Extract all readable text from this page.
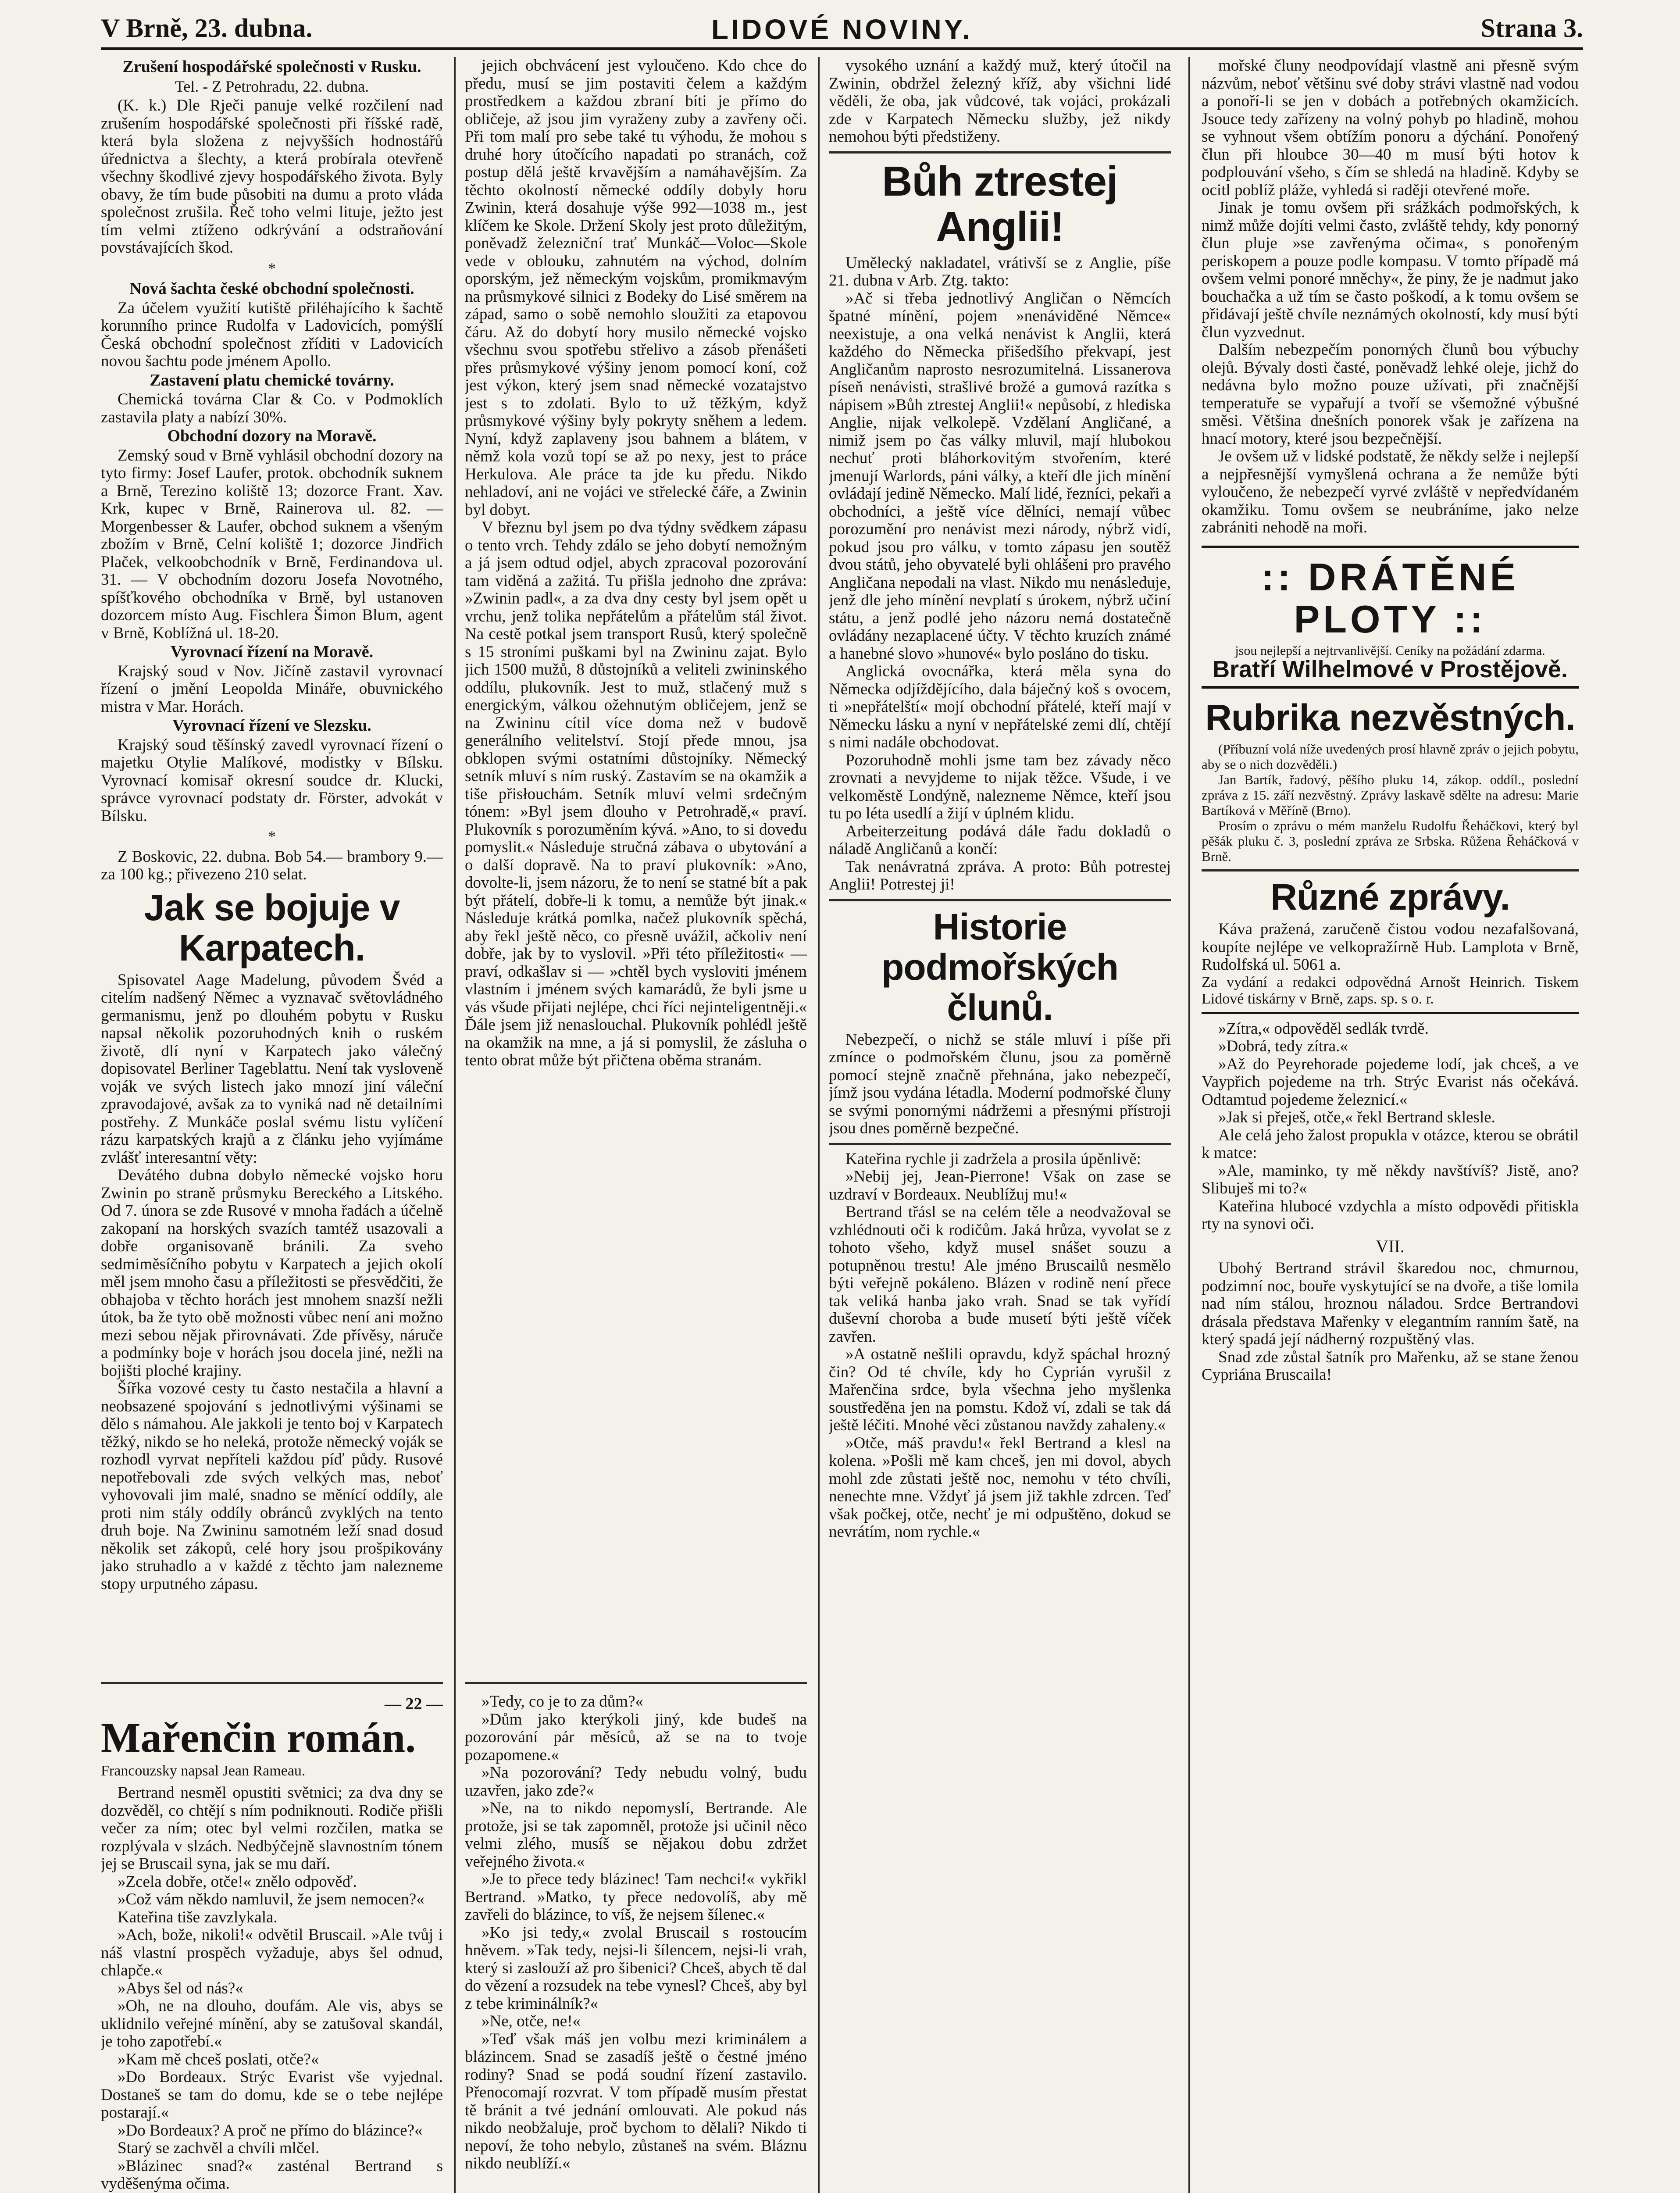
V Brně, 23. dubna.	LIDOVÉ NOVINY.	Strana 3.
Zrušení hospodářské společnosti v Rusku.
Tel. - Z Petrohradu, 22. dubna.

(K. k.) Dle Rječi panuje velké rozčilení nad zrušením hospodářské společnosti při říšské radě, která byla složena z nejvyšších hodnostářů úřednictva a šlechty, a která probírala otevřeně všechny škodlivé zjevy hospodářského života. Byly obavy, že tím bude působiti na dumu a proto vláda společnost zrušila. Řeč toho velmi lituje, ježto jest tím velmi ztíženo odkrývání a odstraňování povstávajících škod.

*
Nová šachta české obchodní společnosti.

Za účelem využití kutiště přiléhajícího k šachtě korunního prince Rudolfa v Ladovicích, pomýšlí Česká obchodní společnost zříditi v Ladovicích novou šachtu pode jménem Apollo.

Zastavení platu chemické továrny.

Chemická továrna Clar & Co. v Podmoklích zastavila platy a nabízí 30%.

Obchodní dozory na Moravě.

Zemský soud v Brně vyhlásil obchodní dozory na tyto firmy: Josef Laufer, protok. obchodník suknem a Brně, Terezino koliště 13; dozorce Frant. Xav. Krk, kupec v Brně, Rainerova ul. 82. — Morgenbesser & Laufer, obchod suknem a všeným zbožím v Brně, Celní koliště 1; dozorce Jindřich Plaček, velkoobchodník v Brně, Ferdinandova ul. 31. — V obchodním dozoru Josefa Novotného, spíšťkového obchodníka v Brně, byl ustanoven dozorcem místo Aug. Fischlera Šimon Blum, agent v Brně, Koblížná ul. 18-20.

Vyrovnací řízení na Moravě.

Krajský soud v Nov. Jičíně zastavil vyrovnací řízení o jmění Leopolda Mináře, obuvnického mistra v Mar. Horách.

Vyrovnací řízení ve Slezsku.

Krajský soud těšínský zavedl vyrovnací řízení o majetku Otylie Malíkové, modistky v Bílsku. Vyrovnací komisař okresní soudce dr. Klucki, správce vyrovnací podstaty dr. Förster, advokát v Bílsku.

*

Z Boskovic, 22. dubna. Bob 54.— brambory 9.— za 100 kg.; přivezeno 210 selat.

Jak se bojuje v Karpatech.

Spisovatel Aage Madelung, původem Švéd a citelím nadšený Němec a vyznavač světovládného germanismu, jenž po dlouhém pobytu v Rusku napsal několik pozoruhodných knih o ruském životě, dlí nyní v Karpatech jako válečný dopisovatel Berliner Tageblattu. Není tak vysloveně voják ve svých listech jako mnozí jiní váleční zpravodajové, avšak za to vyniká nad ně detailními postřehy. Z Munkáče poslal svému listu vylíčení rázu karpatských krajů a z článku jeho vyjímáme zvlášť interesantní věty:

Devátého dubna dobylo německé vojsko horu Zwinin po straně průsmyku Bereckého a Litského. Od 7. února se zde Rusové v mnoha řadách a účelně zakopaní na horských svazích tamtéž usazovali a dobře organisovaně bránili. Za sveho sedmiměsíčního pobytu v Karpatech a jejich okolí měl jsem mnoho času a příležitosti se přesvědčiti, že obhajoba v těchto horách jest mnohem snazší nežli útok, ba že tyto obě možnosti vůbec není ani možno mezi sebou nějak přirovnávati. Zde přívěsy, náruče a podmínky boje v horách jsou docela jiné, nežli na bojišti ploché krajiny.

Šířka vozové cesty tu často nestačila a hlavní a neobsazené spojování s jednotlivými výšinami se dělo s námahou. Ale jakkoli je tento boj v Karpatech těžký, nikdo se ho neleká, protože německý voják se rozhodl vyrvat nepříteli každou píď půdy. Rusové nepotřebovali zde svých velkých mas, neboť vyhovovali jim malé, snadno se měnící oddíly, ale proti nim stály oddíly obránců zvyklých na tento druh boje. Na Zwininu samotném leží snad dosud několik set zákopů, celé hory jsou prošpikovány jako struhadlo a v každé z těchto jam nalezneme stopy urputného zápasu.

— 22 —
Mařenčin román.
Francouzsky napsal Jean Rameau.

Bertrand nesměl opustiti světnici; za dva dny se dozvěděl, co chtějí s ním podniknouti. Rodiče přišli večer za ním; otec byl velmi rozčilen, matka se rozplývala v slzách. Nedbýčejně slavnostním tónem jej se Bruscail syna, jak se mu daří.

»Zcela dobře, otče!« znělo odpověď.

»Což vám někdo namluvil, že jsem nemocen?«

Kateřina tiše zavzlykala.

»Ach, bože, nikoli!« odvětil Bruscail. »Ale tvůj i náš vlastní prospěch vyžaduje, abys šel odnud, chlapče.«

»Abys šel od nás?«

»Oh, ne na dlouho, doufám. Ale vis, abys se uklidnilo veřejné mínění, aby se zatušoval skandál, je toho zapotřebí.«

»Kam mě chceš poslati, otče?«

»Do Bordeaux. Strýc Evarist vše vyjednal. Dostaneš se tam do domu, kde se o tebe nejlépe postarají.«

»Do Bordeaux? A proč ne přímo do blázince?«

Starý se zachvěl a chvíli mlčel.

»Blázinec snad?« zasténal Bertrand s vyděšenýma očima.

jejich obchvácení jest vyloučeno. Kdo chce do předu, musí se jim postaviti čelem a každým prostředkem a každou zbraní bíti je přímo do obličeje, až jsou jim vyraženy zuby a zavřeny oči. Při tom malí pro sebe také tu výhodu, že mohou s druhé hory útočícího napadati po stranách, což postup dělá ještě krvavějším a namáhavějším. Za těchto okolností německé oddíly dobyly horu Zwinin, která dosahuje výše 992—1038 m., jest klíčem ke Skole. Držení Skoly jest proto důležitým, poněvadž železniční trať Munkáč—Voloc—Skole vede v oblouku, zahnutém na východ, dolním oporským, jež německým vojskům, promikmavým na průsmykové silnici z Bodeky do Lisé směrem na západ, samo o sobě nemohlo sloužiti za etapovou čáru. Až do dobytí hory musilo německé vojsko všechnu svou spotřebu střelivo a zásob přenášeti přes průsmykové výšiny jenom pomocí koní, což jest výkon, který jsem snad německé vozatajstvo jest s to zdolati. Bylo to už těžkým, když průsmykové výšiny byly pokryty sněhem a ledem. Nyní, když zaplaveny jsou bahnem a blátem, v němž kola vozů topí se až po nexy, jest to práce Herkulova. Ale práce ta jde ku předu. Nikdo nehladoví, ani ne vojáci ve střelecké čáře, a Zwinin byl dobyt.

V březnu byl jsem po dva týdny svědkem zápasu o tento vrch. Tehdy zdálo se jeho dobytí nemožným a já jsem odtud odjel, abych zpracoval pozorování tam viděná a zažitá. Tu přišla jednoho dne zpráva: »Zwinin padl«, a za dva dny cesty byl jsem opět u vrchu, jenž tolika nepřátelům a přátelům stál život. Na cestě potkal jsem transport Rusů, který společně s 15 stroními puškami byl na Zwininu zajat. Bylo jich 1500 mužů, 8 důstojníků a veliteli zwininského oddílu, plukovník. Jest to muž, stlačený muž s energickým, válkou ožehnutým obličejem, jenž se na Zwininu cítil více doma než v budově generálního velitelství. Stojí přede mnou, jsa obklopen svými ostatními důstojníky. Německý setník mluví s ním ruský. Zastavím se na okamžik a tiše přisłouchám. Setník mluví velmi srdečným tónem: »Byl jsem dlouho v Petrohradě,« praví. Plukovník s porozuměním kývá. »Ano, to si dovedu pomyslit.« Následuje stručná zábava o ubytování a o další dopravě. Na to praví plukovník: »Ano, dovolte-li, jsem názoru, že to není se statné bít a pak být přátelí, dobře-li k tomu, a nemůže být jinak.« Následuje krátká pomlka, načež plukovník spěchá, aby řekl ještě něco, co přesně uvážil, ačkoliv není dobře, jak by to vyslovil. »Při této příležitosti« — praví, odkašlav si — »chtěl bych vysloviti jménem vlastním i jménem svých kamarádů, že byli jsme u vás všude přijati nejlépe, chci říci nejinteligentněji.« Ďále jsem již nenaslouchal. Plukovník pohlédl ještě na okamžik na mne, a já si pomyslil, že zásluha o tento obrat může být přičtena oběma stranám.

»Tedy, co je to za dům?«

»Dům jako kterýkoli jiný, kde budeš na pozorování pár měsíců, až se na to tvoje pozapomene.«

»Na pozorování? Tedy nebudu volný, budu uzavřen, jako zde?«

»Ne, na to nikdo nepomyslí, Bertrande. Ale protože, jsi se tak zapomněl, protože jsi učinil něco velmi zlého, musíš se nějakou dobu zdržet veřejného života.«

»Je to přece tedy blázinec! Tam nechci!« vykřikl Bertrand. »Matko, ty přece nedovolíš, aby mě zavřeli do blázince, to víš, že nejsem šílenec.«

»Ko jsi tedy,« zvolal Bruscail s rostoucím hněvem. »Tak tedy, nejsi-li šílencem, nejsi-li vrah, který si zaslouží až pro šibenici? Chceš, abych tě dal do vězení a rozsudek na tebe vynesl? Chceš, aby byl z tebe kriminálník?«

»Ne, otče, ne!«

»Teď však máš jen volbu mezi kriminálem a blázincem. Snad se zasadíš ještě o čestné jméno rodiny? Snad se podá soudní řízení zastavilo. Přenocomají rozvrat. V tom případě musím přestat tě bránit a tvé jednání omlouvati. Ale pokud nás nikdo neobžaluje, proč bychom to dělali? Nikdo ti nepoví, že toho nebylo, zůstaneš na svém. Bláznu nikdo neublíží.«

vysokého uznání a každý muž, který útočil na Zwinin, obdržel železný kříž, aby všichni lidé věděli, že oba, jak vůdcové, tak vojáci, prokázali zde v Karpatech Německu služby, jež nikdy nemohou býti předstiženy.

Bůh ztrestej Anglii!

Umělecký nakladatel, vrátivší se z Anglie, píše 21. dubna v Arb. Ztg. takto:

»Ač si třeba jednotlivý Angličan o Němcích špatné mínění, pojem »nenáviděné Němce« neexistuje, a ona velká nenávist k Anglii, která každého do Německa přišedšího překvapí, jest Angličanům naprosto nesrozumitelná. Lissanerova píseň nenávisti, strašlivé brožé a gumová razítka s nápisem »Bůh ztrestej Anglii!« nepůsobí, z hlediska Anglie, nijak velkolepě. Vzdělaní Angličané, a nimiž jsem po čas války mluvil, mají hlubokou nechuť proti bláhorkovitým stvořením, které jmenují Warlords, páni války, a kteří dle jich mínění ovládají jedině Německo. Malí lidé, řezníci, pekaři a obchodníci, a ještě více dělníci, nemají vůbec porozumění pro nenávist mezi národy, nýbrž vidí, pokud jsou pro válku, v tomto zápasu jen soutěž dvou států, jeho obyvatelé byli ohlášeni pro pravého Angličana nepodali na vlast. Nikdo mu nenásleduje, jenž dle jeho mínění nevplatí s úrokem, nýbrž učiní státu, a jenž podlé jeho názoru nemá dostatečně ovládány nezaplacené účty. V těchto kruzích známé a hanebné slovo »hunové« bylo posláno do tisku.

Anglická ovocnářka, která měla syna do Německa odjíždějícího, dala báječný koš s ovocem, ti »nepřátelští« mojí obchodní přátelé, kteří mají v Německu lásku a nyní v nepřátelské zemi dlí, chtějí s nimi nadále obchodovat.

Pozoruhodně mohli jsme tam bez závady něco zrovnati a nevyjdeme to nijak těžce. Všude, i ve velkoměstě Londýně, nalezneme Němce, kteří jsou tu po léta usedlí a žijí v úplném klidu.

Arbeiterzeitung podává dále řadu dokladů o náladě Angličanů a končí:

Tak nenávratná zpráva. A proto: Bůh potrestej Anglii! Potrestej ji!

Historie podmořských člunů.

Nebezpečí, o nichž se stále mluví i píše při zmínce o podmořském člunu, jsou za poměrně pomocí stejně značně přehnána, jako nebezpečí, jímž jsou vydána létadla. Moderní podmořské čluny se svými ponornými nádržemi a přesnými přístroji jsou dnes poměrně bezpečné.

Kateřina rychle ji zadržela a prosila úpěnlivě:

»Nebij jej, Jean-Pierrone! Však on zase se uzdraví v Bordeaux. Neublížuj mu!«

Bertrand třásl se na celém těle a neodvažoval se vzhlédnouti oči k rodičům. Jaká hrůza, vyvolat se z tohoto všeho, když musel snášet souzu a potupněnou trestu! Ale jméno Bruscailů nesmělo býti veřejně pokáleno. Blázen v rodině není přece tak veliká hanba jako vrah. Snad se tak vyřídí duševní choroba a bude musetí býti ještě víček zavřen.

»A ostatně nešlili opravdu, když spáchal hrozný čin? Od té chvíle, kdy ho Cyprián vyrušil z Mařenčina srdce, byla všechna jeho myšlenka soustředěna jen na pomstu. Kdož ví, zdali se tak dá ještě léčiti. Mnohé věci zůstanou navždy zahaleny.«

»Otče, máš pravdu!« řekl Bertrand a klesl na kolena. »Pošli mě kam chceš, jen mi dovol, abych mohl zde zůstati ještě noc, nemohu v této chvíli, nenechte mne. Vždyť já jsem již takhle zdrcen. Teď však počkej, otče, nechť je mi odpuštěno, dokud se nevrátím, nom rychle.«

mořské čluny neodpovídají vlastně ani přesně svým názvům, neboť většinu své doby strávi vlastně nad vodou a ponoří-li se jen v dobách a potřebných okamžicích. Jsouce tedy zařízeny na volný pohyb po hladině, mohou se vyhnout všem obtížím ponoru a dýchání. Ponořený člun při hloubce 30—40 m musí býti hotov k podplouvání všeho, s čím se shledá na hladině. Kdyby se ocitl poblíž pláže, vyhledá si raději otevřené moře.

Jinak je tomu ovšem při srážkách podmořských, k nimž může dojíti velmi často, zvláště tehdy, kdy ponorný člun pluje »se zavřenýma očima«, s ponořeným periskopem a pouze podle kompasu. V tomto případě má ovšem velmi ponoré mněchy«, že piny, že je nadmut jako bouchačka a už tím se často poškodí, a k tomu ovšem se přidávají ještě chvíle neznámých okolností, kdy musí býti člun vyzvednut.

Dalším nebezpečím ponorných člunů bou výbuchy olejů. Bývaly dosti časté, poněvadž lehké oleje, jichž do nedávna bylo možno pouze užívati, při značnější temperatuře se vypařují a tvoří se všemožné výbušné směsi. Většina dnešních ponorek však je zařízena na hnací motory, které jsou bezpečnější.

Je ovšem už v lidské podstatě, že někdy selže i nejlepší a nejpřesnější vymyšlená ochrana a že nemůže býti vyloučeno, že nebezpečí vyrvé zvláště v nepředvídaném okamžiku. Tomu ovšem se neubráníme, jako nelze zabrániti nehodě na moři.

:: DRÁTĚNÉ PLOTY ::
jsou nejlepší a nejtrvanlivější. Ceníky na požádání zdarma.
Bratří Wilhelmové v Prostějově.
Rubrika nezvěstných.

(Příbuzní volá níže uvedených prosí hlavně zpráv o jejich pobytu, aby se o nich dozvěděli.)

Jan Bartík, řadový, pěšího pluku 14, zákop. oddíl., poslední zpráva z 15. září nezvěstný. Zprávy laskavě sdělte na adresu: Marie Bartíková v Měříně (Brno).

Prosím o zprávu o mém manželu Rudolfu Řeháčkovi, který byl pěšák pluku č. 3, poslední zpráva ze Srbska. Růžena Řeháčková v Brně.

Různé zprávy.

Káva pražená, zaručeně čistou vodou nezafalšovaná, koupíte nejlépe ve velkopražírně Hub. Lamplota v Brně, Rudolfská ul. 5061 a.

Za vydání a redakci odpovědná Arnošt Heinrich. Tiskem Lidové tiskárny v Brně, zaps. sp. s o. r.

»Zítra,« odpověděl sedlák tvrdě.

»Dobrá, tedy zítra.«

»Až do Peyrehorade pojedeme lodí, jak chceš, a ve Vaypřich pojedeme na trh. Strýc Evarist nás očekává. Odtamtud pojedeme železnicí.«

»Jak si přeješ, otče,« řekl Bertrand sklesle.

Ale celá jeho žalost propukla v otázce, kterou se obrátil k matce:

»Ale, maminko, ty mě někdy navštívíš? Jistě, ano? Slibuješ mi to?«

Kateřina hlubocé vzdychla a místo odpovědi přitiskla rty na synovi oči.

VII.

Ubohý Bertrand strávil škaredou noc, chmurnou, podzimní noc, bouře vyskytující se na dvoře, a tiše lomila nad ním stálou, hroznou náladou. Srdce Bertrandovi drásala představa Mařenky v elegantním ranním šatě, na který spadá její nádherný rozpuštěný vlas.

Snad zde zůstal šatník pro Mařenku, až se stane ženou Cypriána Bruscaila!
